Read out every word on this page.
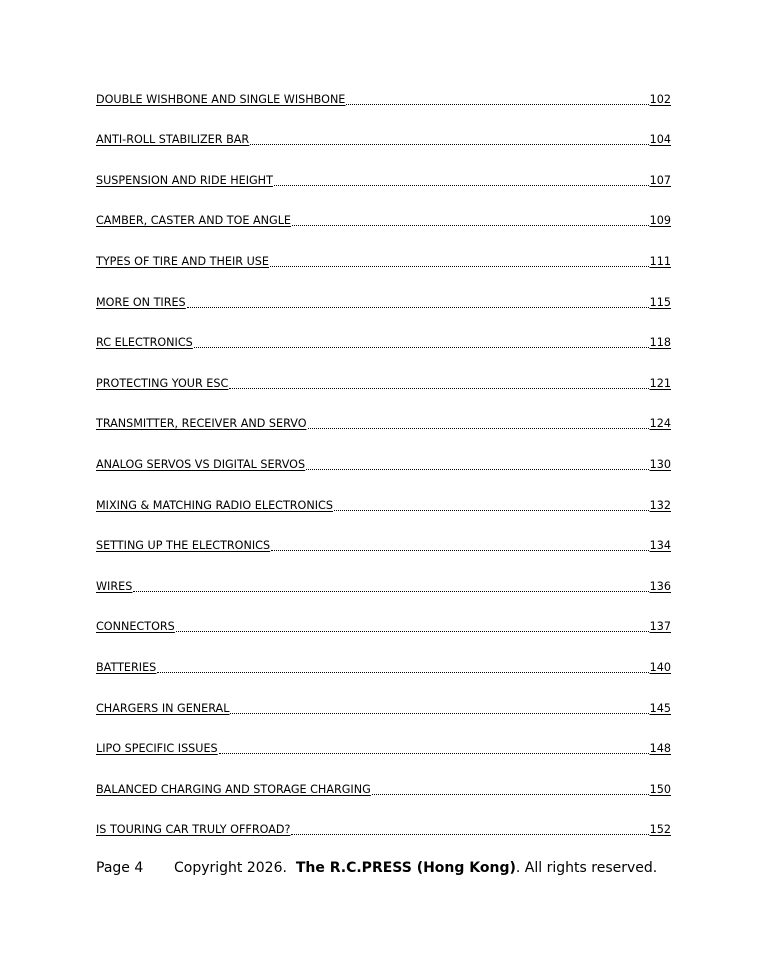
DOUBLE WISHBONE AND SINGLE WISHBONE	102
ANTI-ROLL STABILIZER BAR	104
SUSPENSION AND RIDE HEIGHT	107
CAMBER, CASTER AND TOE ANGLE	109
TYPES OF TIRE AND THEIR USE	111
MORE ON TIRES	115
RC ELECTRONICS	118
PROTECTING YOUR ESC	121
TRANSMITTER, RECEIVER AND SERVO	124
ANALOG SERVOS VS DIGITAL SERVOS	130
MIXING & MATCHING RADIO ELECTRONICS	132
SETTING UP THE ELECTRONICS	134
WIRES	136
CONNECTORS	137
BATTERIES	140
CHARGERS IN GENERAL	145
LIPO SPECIFIC ISSUES	148
BALANCED CHARGING AND STORAGE CHARGING	150
IS TOURING CAR TRULY OFFROAD?	152
Page 4 Copyright 2026. The R.C.PRESS (Hong Kong). All rights reserved.
